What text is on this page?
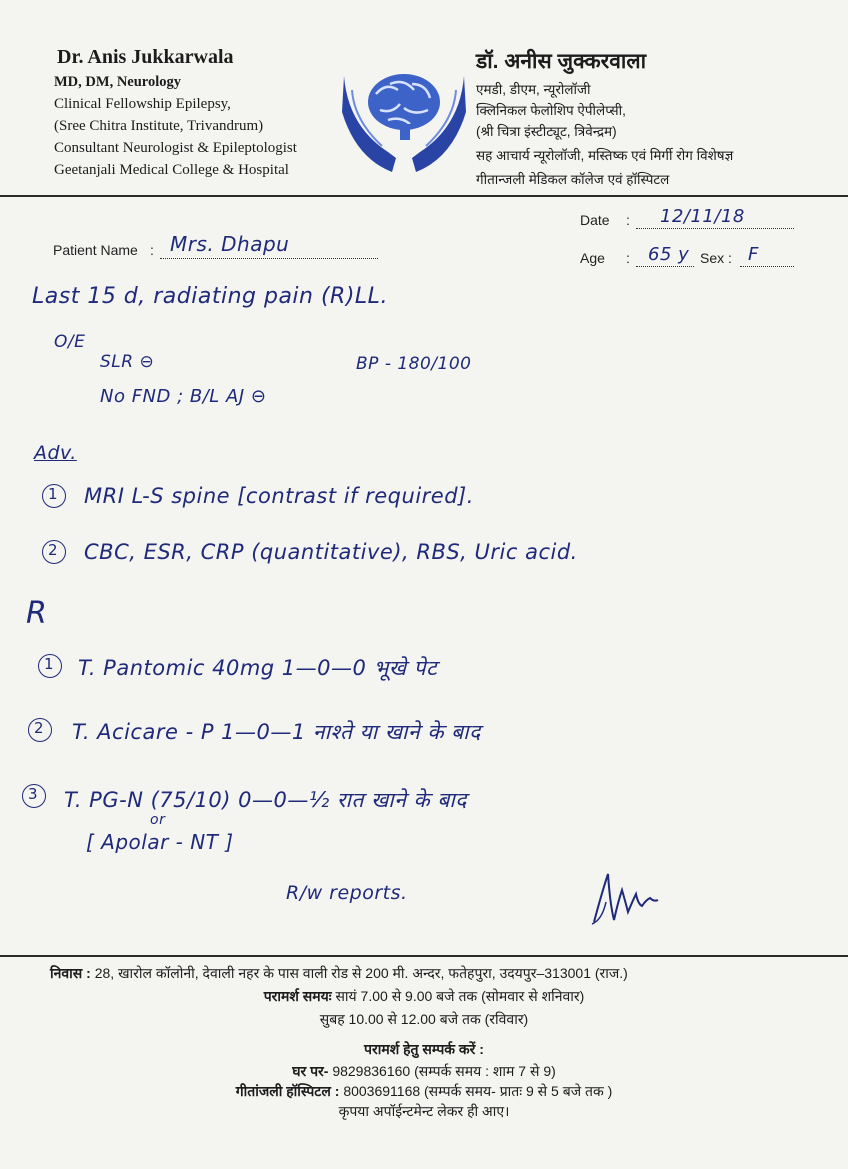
Dr. Anis Jukkarwala
MD, DM, Neurology
Clinical Fellowship Epilepsy,
(Sree Chitra Institute, Trivandrum)
Consultant Neurologist & Epileptologist
Geetanjali Medical College & Hospital
डॉ. अनीस जुक्करवाला
एमडी, डीएम, न्यूरोलॉजी
क्लिनिकल फेलोशिप ऐपीलेप्सी,
(श्री चित्रा इंस्टीट्यूट, त्रिवेन्द्रम)
सह आचार्य न्यूरोलॉजी, मस्तिष्क एवं मिर्गी रोग विशेषज्ञ
गीतान्जली मेडिकल कॉलेज एवं हॉस्पिटल
Date : 12/11/18
Patient Name : Mrs. Dhapu
Age : 65 y Sex : F
Last 15 d, radiating pain (R)LL.
O/E
SLR ⊖	BP - 180/100
No FND ; B/L AJ ⊖
Adv.
1 MRI L-S spine [contrast if required].
2 CBC, ESR, CRP (quantitative), RBS, Uric acid.
R
1 T. Pantomic 40mg 1—0—0 भूखे पेट
2 T. Acicare - P 1—0—1 नाश्ते या खाने के बाद
3 T. PG-N (75/10) 0—0—½ रात खाने के बाद
or
[ Apolar - NT ]
R/w reports.
निवास : 28, खारोल कॉलोनी, देवाली नहर के पास वाली रोड से 200 मी. अन्दर, फतेहपुरा, उदयपुर–313001 (राज.)
परामर्श समयः सायं 7.00 से 9.00 बजे तक (सोमवार से शनिवार)
सुबह 10.00 से 12.00 बजे तक (रविवार)
परामर्श हेतु सम्पर्क करें :
घर पर- 9829836160 (सम्पर्क समय : शाम 7 से 9)
गीतांजली हॉस्पिटल : 8003691168 (सम्पर्क समय- प्रातः 9 से 5 बजे तक )
कृपया अपॉईन्टमेन्ट लेकर ही आए।
